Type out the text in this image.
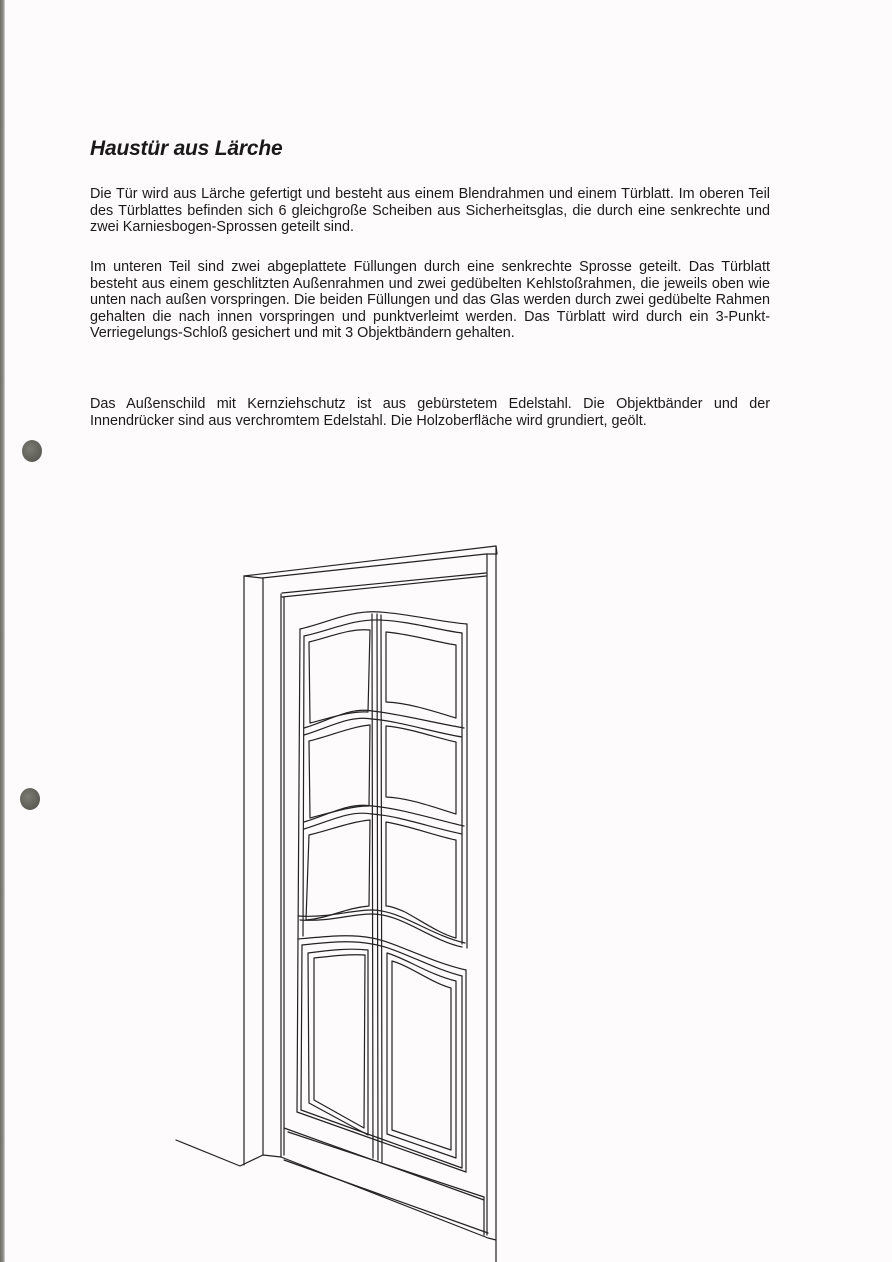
Haustür aus Lärche

Die Tür wird aus Lärche gefertigt und besteht aus einem Blendrahmen und einem Türblatt. Im oberen Teil des Türblattes befinden sich 6 gleichgroße Scheiben aus Sicherheitsglas, die durch eine senkrechte und zwei Karniesbogen-Sprossen geteilt sind.

Im unteren Teil sind zwei abgeplattete Füllungen durch eine senkrechte Sprosse geteilt. Das Türblatt besteht aus einem geschlitzten Außenrahmen und zwei gedübelten Kehlstoßrahmen, die jeweils oben wie unten nach außen vorspringen. Die beiden Füllungen und das Glas werden durch zwei gedübelte Rahmen gehalten die nach innen vorspringen und punktverleimt werden. Das Türblatt wird durch ein 3-Punkt-Verriegelungs-Schloß gesichert und mit 3 Objektbändern gehalten.

Das Außenschild mit Kernziehschutz ist aus gebürstetem Edelstahl. Die Objektbänder und der Innendrücker sind aus verchromtem Edelstahl. Die Holzoberfläche wird grundiert, geölt.
